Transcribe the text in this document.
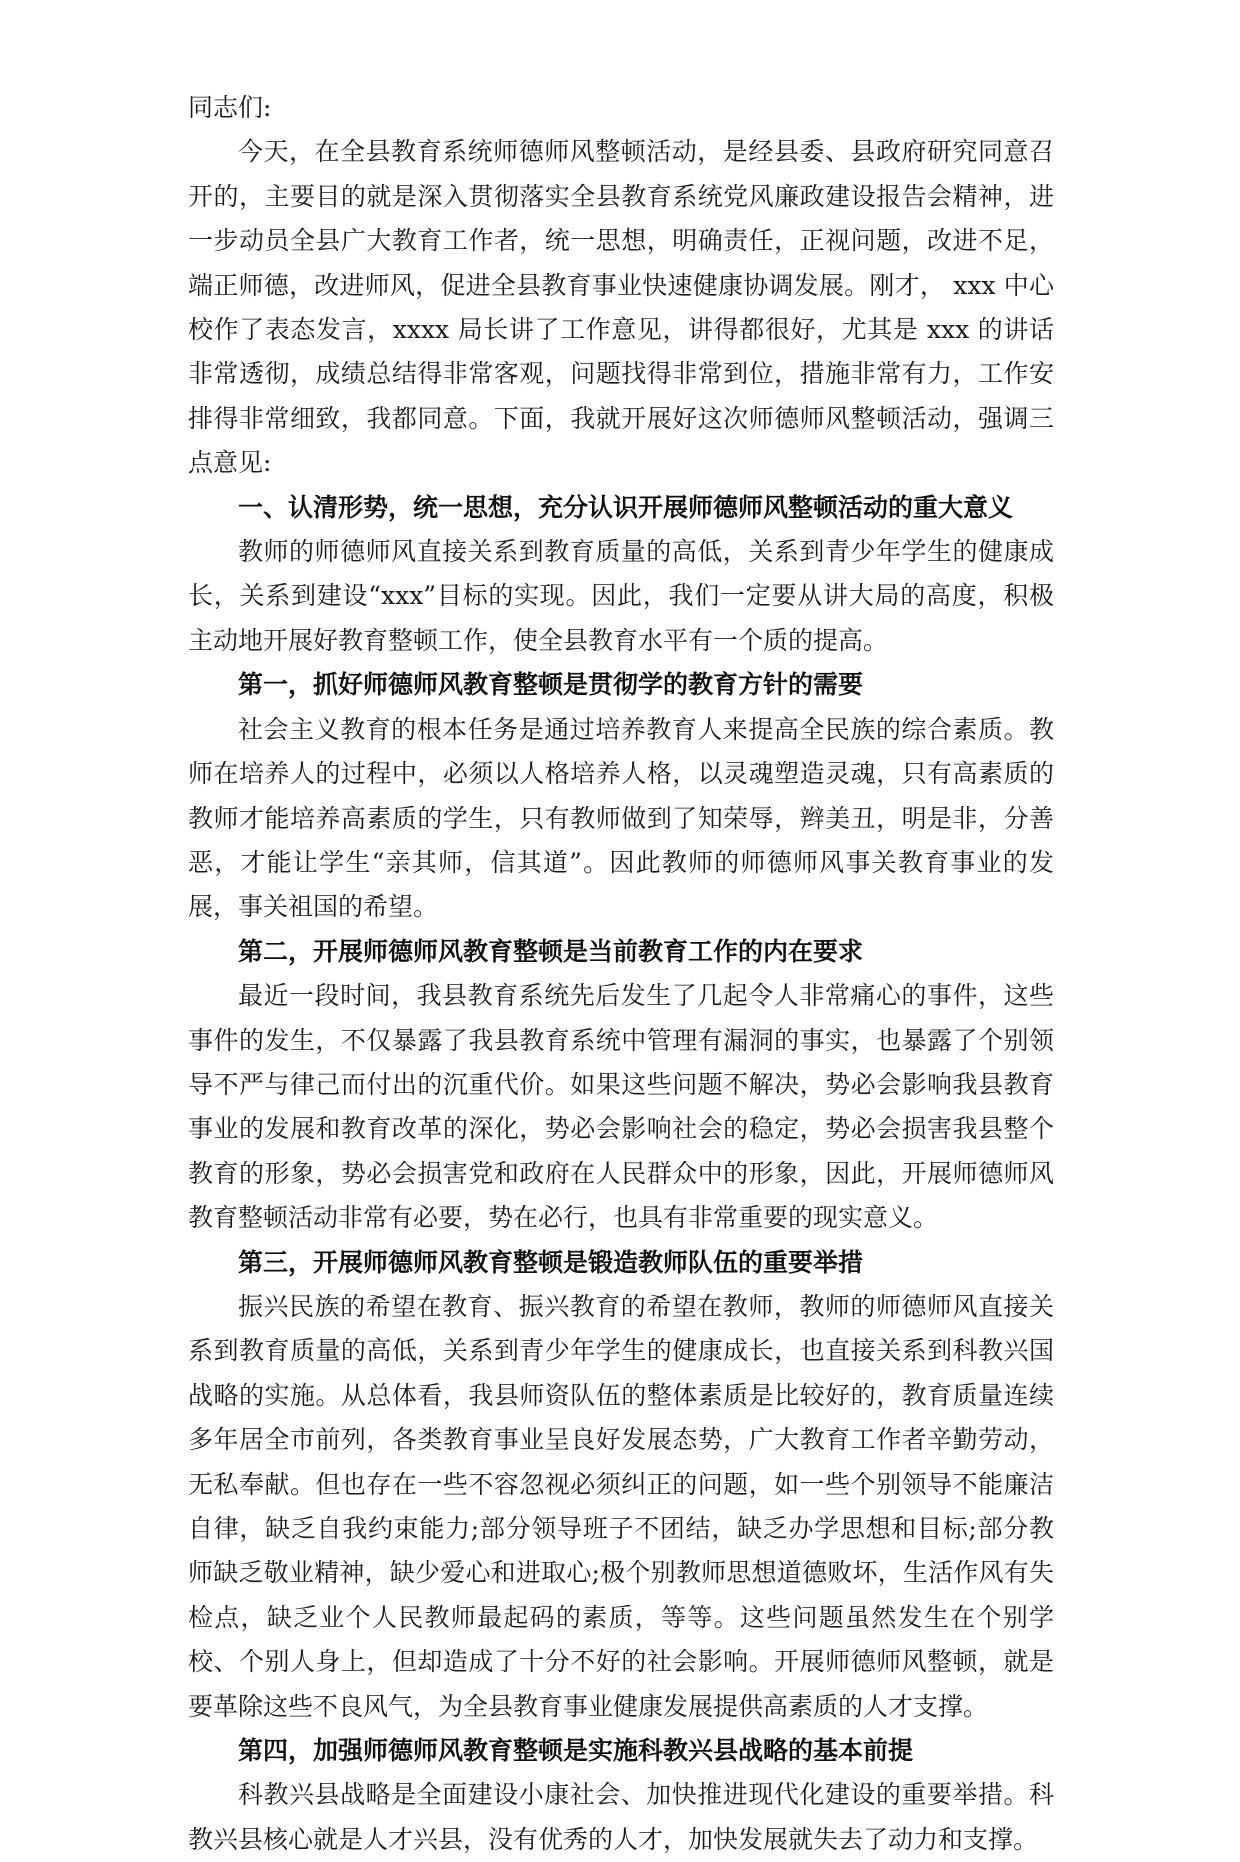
同志们:

今天，在全县教育系统师德师风整顿活动，是经县委、县政府研究同意召开的，主要目的就是深入贯彻落实全县教育系统党风廉政建设报告会精神，进一步动员全县广大教育工作者，统一思想，明确责任，正视问题，改进不足，端正师德，改进师风，促进全县教育事业快速健康协调发展。刚才， xxx 中心校作了表态发言，xxxx 局长讲了工作意见，讲得都很好，尤其是 xxx 的讲话非常透彻，成绩总结得非常客观，问题找得非常到位，措施非常有力，工作安排得非常细致，我都同意。下面，我就开展好这次师德师风整顿活动，强调三点意见:

一、认清形势，统一思想，充分认识开展师德师风整顿活动的重大意义

教师的师德师风直接关系到教育质量的高低，关系到青少年学生的健康成长，关系到建设“xxx”目标的实现。因此，我们一定要从讲大局的高度，积极主动地开展好教育整顿工作，使全县教育水平有一个质的提高。

第一，抓好师德师风教育整顿是贯彻学的教育方针的需要

社会主义教育的根本任务是通过培养教育人来提高全民族的综合素质。教师在培养人的过程中，必须以人格培养人格，以灵魂塑造灵魂，只有高素质的教师才能培养高素质的学生，只有教师做到了知荣辱，辫美丑，明是非，分善恶，才能让学生“亲其师，信其道”。因此教师的师德师风事关教育事业的发展，事关祖国的希望。

第二，开展师德师风教育整顿是当前教育工作的内在要求

最近一段时间，我县教育系统先后发生了几起令人非常痛心的事件，这些事件的发生，不仅暴露了我县教育系统中管理有漏洞的事实，也暴露了个别领导不严与律己而付出的沉重代价。如果这些问题不解决，势必会影响我县教育事业的发展和教育改革的深化，势必会影响社会的稳定，势必会损害我县整个教育的形象，势必会损害党和政府在人民群众中的形象，因此，开展师德师风教育整顿活动非常有必要，势在必行，也具有非常重要的现实意义。

第三，开展师德师风教育整顿是锻造教师队伍的重要举措

振兴民族的希望在教育、振兴教育的希望在教师，教师的师德师风直接关系到教育质量的高低，关系到青少年学生的健康成长，也直接关系到科教兴国战略的实施。从总体看，我县师资队伍的整体素质是比较好的，教育质量连续多年居全市前列，各类教育事业呈良好发展态势，广大教育工作者辛勤劳动，无私奉献。但也存在一些不容忽视必须纠正的问题，如一些个别领导不能廉洁自律，缺乏自我约束能力;部分领导班子不团结，缺乏办学思想和目标;部分教师缺乏敬业精神，缺少爱心和进取心;极个别教师思想道德败坏，生活作风有失检点，缺乏业个人民教师最起码的素质，等等。这些问题虽然发生在个别学校、个别人身上，但却造成了十分不好的社会影响。开展师德师风整顿，就是要革除这些不良风气，为全县教育事业健康发展提供高素质的人才支撑。

第四，加强师德师风教育整顿是实施科教兴县战略的基本前提

科教兴县战略是全面建设小康社会、加快推进现代化建设的重要举措。科教兴县核心就是人才兴县，没有优秀的人才，加快发展就失去了动力和支撑。
